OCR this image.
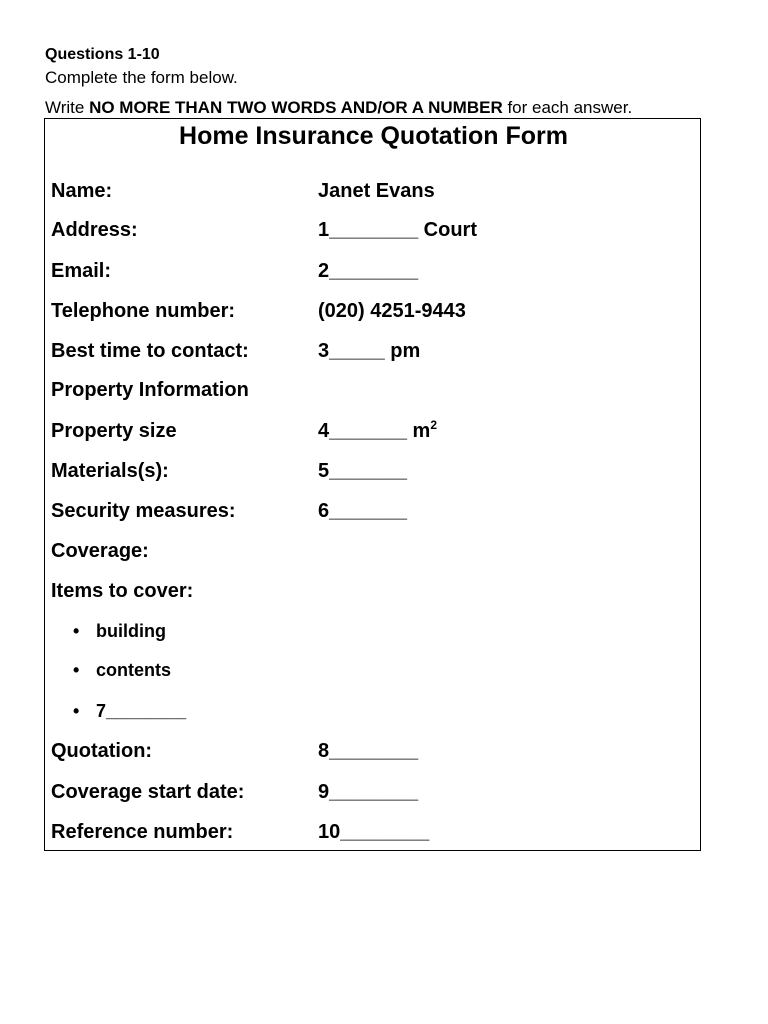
Questions 1-10
Complete the form below.
Write NO MORE THAN TWO WORDS AND/OR A NUMBER for each answer.
Home Insurance Quotation Form
Name:	Janet Evans
Address:	1________ Court
Email:	2________
Telephone number:	(020) 4251-9443
Best time to contact:	3_____ pm
Property Information
Property size	4_______ $m^2$
Materials(s):	5_______
Security measures:	6_______
Coverage:
Items to cover:
• building
• contents
• 7________
Quotation:	8________
Coverage start date:	9________
Reference number:	10________
